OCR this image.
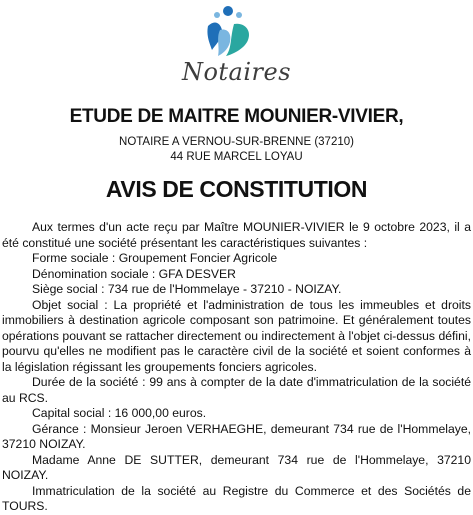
Notaires
ETUDE DE MAITRE MOUNIER-VIVIER,
NOTAIRE A VERNOU-SUR-BRENNE (37210)
44 RUE MARCEL LOYAU
AVIS DE CONSTITUTION

Aux termes d'un acte reçu par Maître MOUNIER-VIVIER le 9 octobre 2023, il a été constitué une société présentant les caractéristiques suivantes :

Forme sociale : Groupement Foncier Agricole

Dénomination sociale : GFA DESVER

Siège social : 734 rue de l'Hommelaye - 37210 - NOIZAY.

Objet social : La propriété et l'administration de tous les immeubles et droits immobiliers à destination agricole composant son patrimoine. Et généralement toutes opérations pouvant se rattacher directement ou indirectement à l'objet ci-dessus défini, pourvu qu'elles ne modifient pas le caractère civil de la société et soient conformes à la législation régissant les groupements fonciers agricoles.

Durée de la société : 99 ans à compter de la date d'immatriculation de la société au RCS.

Capital social : 16 000,00 euros.

Gérance : Monsieur Jeroen VERHAEGHE, demeurant 734 rue de l'Hommelaye, 37210 NOIZAY.

Madame Anne DE SUTTER, demeurant 734 rue de l'Hommelaye, 37210 NOIZAY.

Immatriculation de la société au Registre du Commerce et des Sociétés de TOURS.
